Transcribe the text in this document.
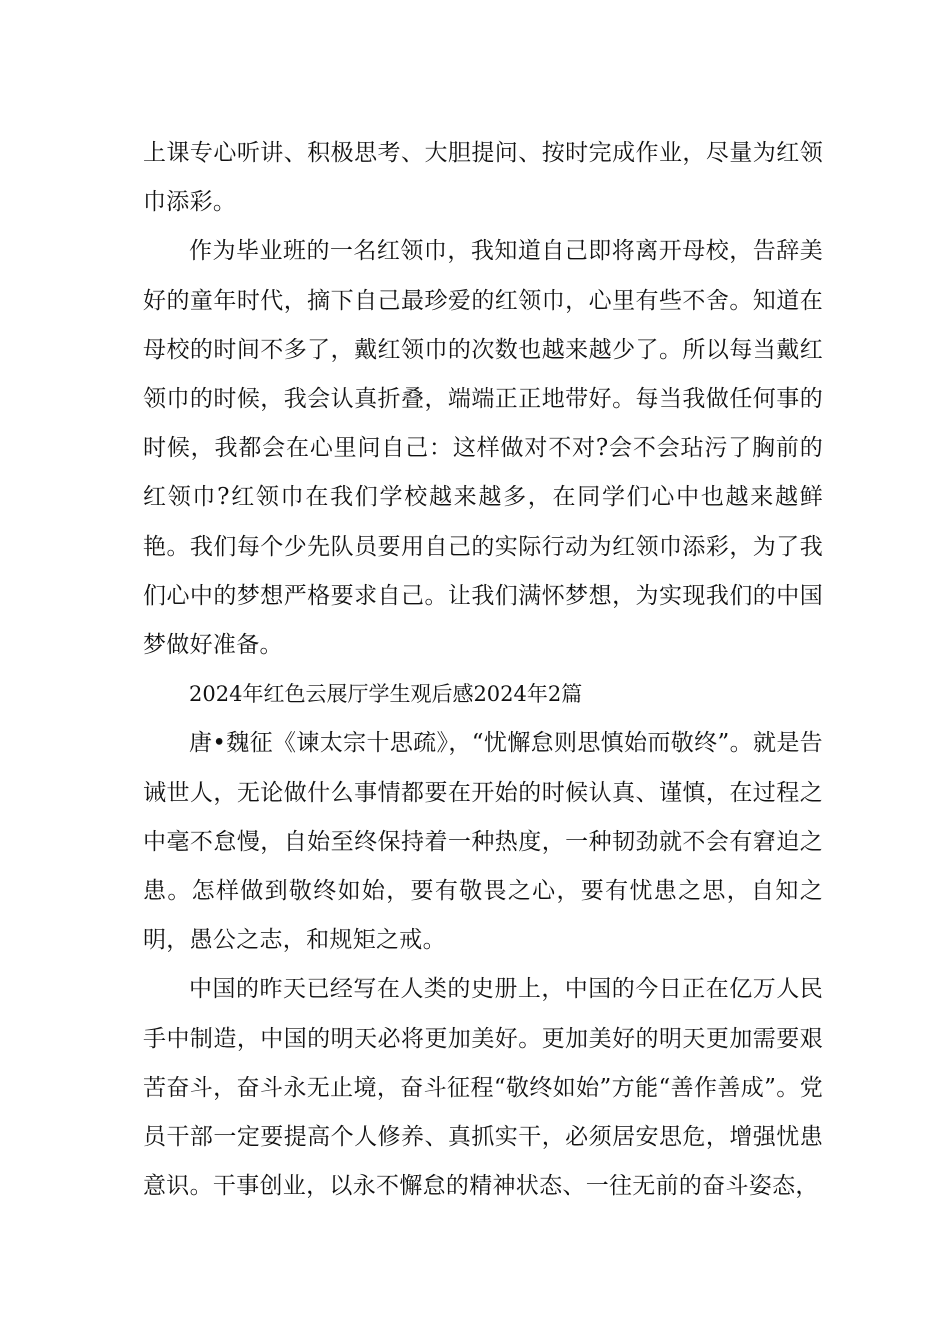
上课专心听讲、积极思考、大胆提问、按时完成作业，尽量为红领巾添彩。

作为毕业班的一名红领巾，我知道自己即将离开母校，告辞美好的童年时代，摘下自己最珍爱的红领巾，心里有些不舍。知道在母校的时间不多了，戴红领巾的次数也越来越少了。所以每当戴红领巾的时候，我会认真折叠，端端正正地带好。每当我做任何事的时候，我都会在心里问自己：这样做对不对?会不会玷污了胸前的红领巾?红领巾在我们学校越来越多，在同学们心中也越来越鲜艳。我们每个少先队员要用自己的实际行动为红领巾添彩，为了我们心中的梦想严格要求自己。让我们满怀梦想，为实现我们的中国梦做好准备。

2024年红色云展厅学生观后感2024年2篇

唐•魏征《谏太宗十思疏》，“忧懈怠则思慎始而敬终”。就是告诫世人，无论做什么事情都要在开始的时候认真、谨慎，在过程之中毫不怠慢，自始至终保持着一种热度，一种韧劲就不会有窘迫之患。怎样做到敬终如始，要有敬畏之心，要有忧患之思，自知之明，愚公之志，和规矩之戒。

中国的昨天已经写在人类的史册上，中国的今日正在亿万人民手中制造，中国的明天必将更加美好。更加美好的明天更加需要艰苦奋斗，奋斗永无止境，奋斗征程“敬终如始”方能“善作善成”。党员干部一定要提高个人修养、真抓实干，必须居安思危，增强忧患意识。干事创业，以永不懈怠的精神状态、一往无前的奋斗姿态，
